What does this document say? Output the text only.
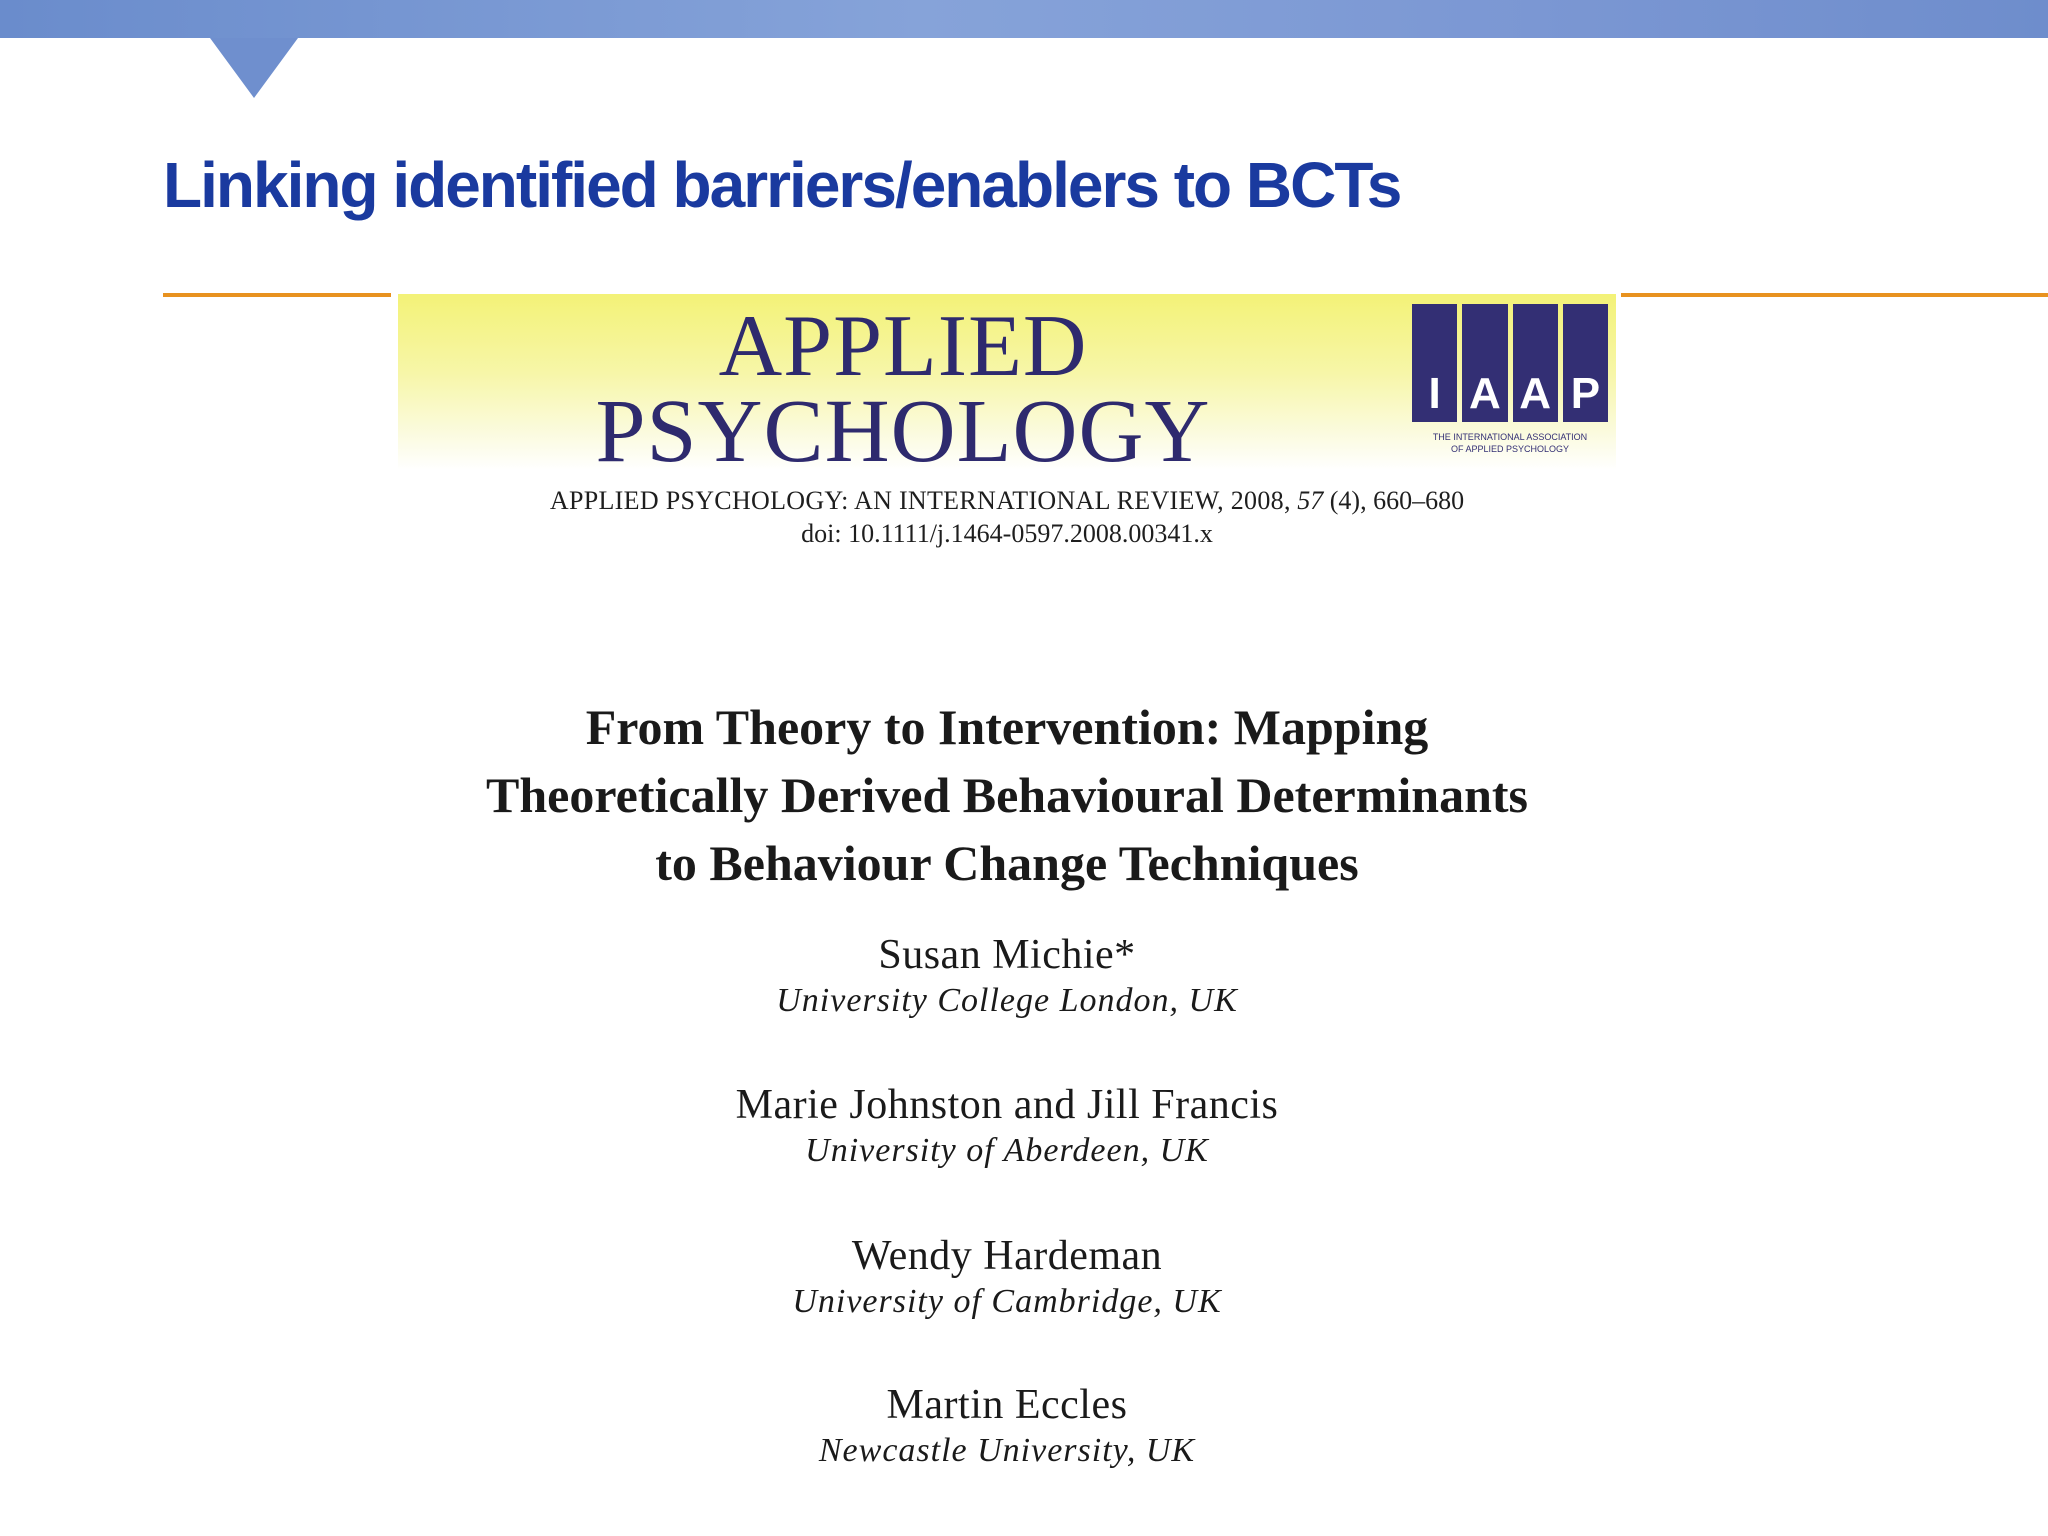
Linking identified barriers/enablers to BCTs
APPLIED
PSYCHOLOGY	I A A P
THE INTERNATIONAL ASSOCIATION
OF APPLIED PSYCHOLOGY
APPLIED PSYCHOLOGY: AN INTERNATIONAL REVIEW, 2008, 57 (4), 660–680
doi: 10.1111/j.1464-0597.2008.00341.x
From Theory to Intervention: Mapping
Theoretically Derived Behavioural Determinants
to Behaviour Change Techniques
Susan Michie*
University College London, UK
Marie Johnston and Jill Francis
University of Aberdeen, UK
Wendy Hardeman
University of Cambridge, UK
Martin Eccles
Newcastle University, UK
